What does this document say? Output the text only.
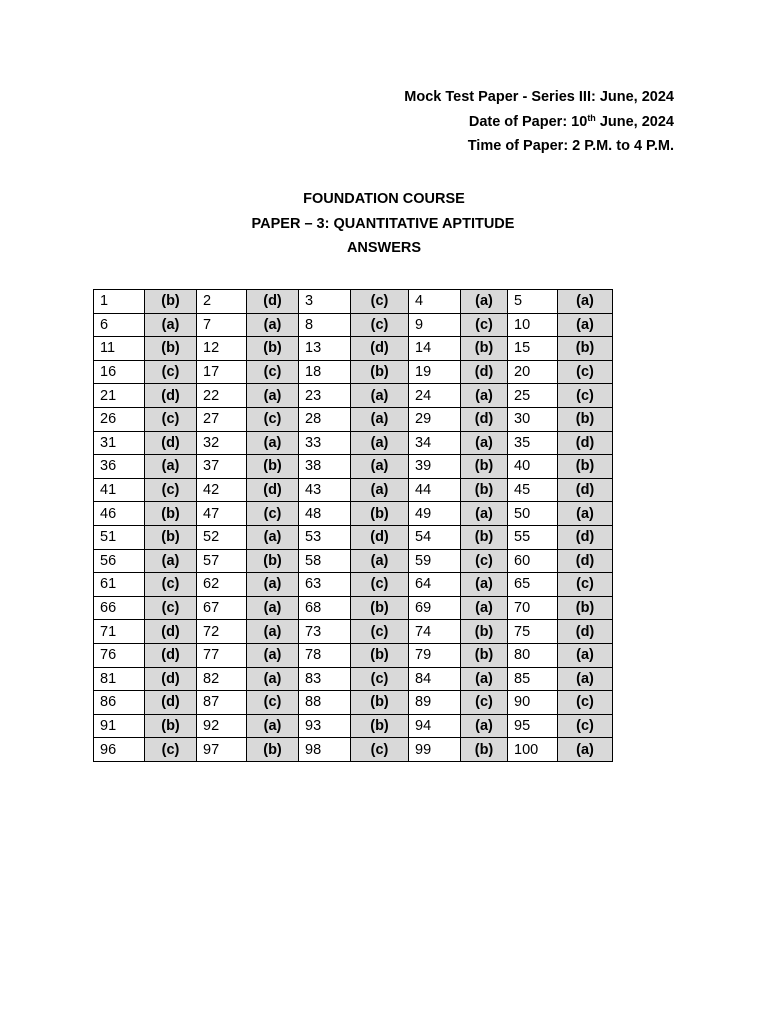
Mock Test Paper - Series III: June, 2024
Date of Paper: 10th June, 2024
Time of Paper: 2 P.M. to 4 P.M.
FOUNDATION COURSE
PAPER – 3: QUANTITATIVE APTITUDE
ANSWERS
1	(b)	2	(d)	3	(c)	4	(a)	5	(a)
6	(a)	7	(a)	8	(c)	9	(c)	10	(a)
11	(b)	12	(b)	13	(d)	14	(b)	15	(b)
16	(c)	17	(c)	18	(b)	19	(d)	20	(c)
21	(d)	22	(a)	23	(a)	24	(a)	25	(c)
26	(c)	27	(c)	28	(a)	29	(d)	30	(b)
31	(d)	32	(a)	33	(a)	34	(a)	35	(d)
36	(a)	37	(b)	38	(a)	39	(b)	40	(b)
41	(c)	42	(d)	43	(a)	44	(b)	45	(d)
46	(b)	47	(c)	48	(b)	49	(a)	50	(a)
51	(b)	52	(a)	53	(d)	54	(b)	55	(d)
56	(a)	57	(b)	58	(a)	59	(c)	60	(d)
61	(c)	62	(a)	63	(c)	64	(a)	65	(c)
66	(c)	67	(a)	68	(b)	69	(a)	70	(b)
71	(d)	72	(a)	73	(c)	74	(b)	75	(d)
76	(d)	77	(a)	78	(b)	79	(b)	80	(a)
81	(d)	82	(a)	83	(c)	84	(a)	85	(a)
86	(d)	87	(c)	88	(b)	89	(c)	90	(c)
91	(b)	92	(a)	93	(b)	94	(a)	95	(c)
96	(c)	97	(b)	98	(c)	99	(b)	100	(a)
